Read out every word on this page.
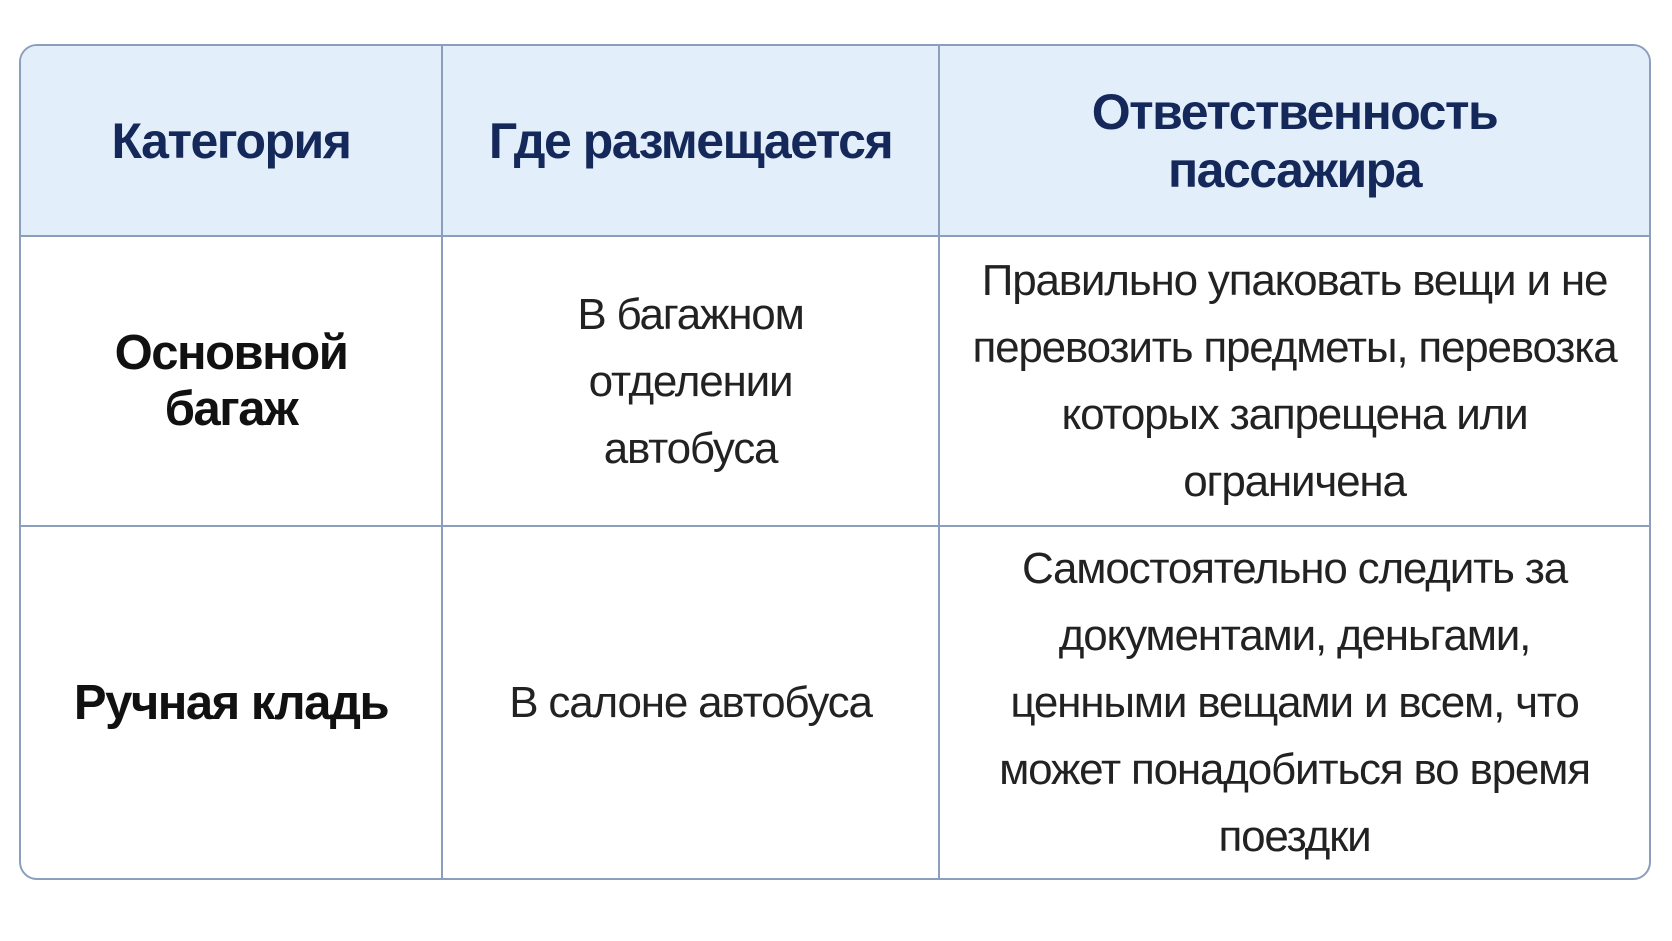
Категория	Где размещается	Ответственность пассажира
Основной багаж	В багажном отделении автобуса	Правильно упаковать вещи и не перевозить предметы, перевозка которых запрещена или ограничена
Ручная кладь	В салоне автобуса	Самостоятельно следить за документами, деньгами, ценными вещами и всем, что может понадобиться во время поездки
